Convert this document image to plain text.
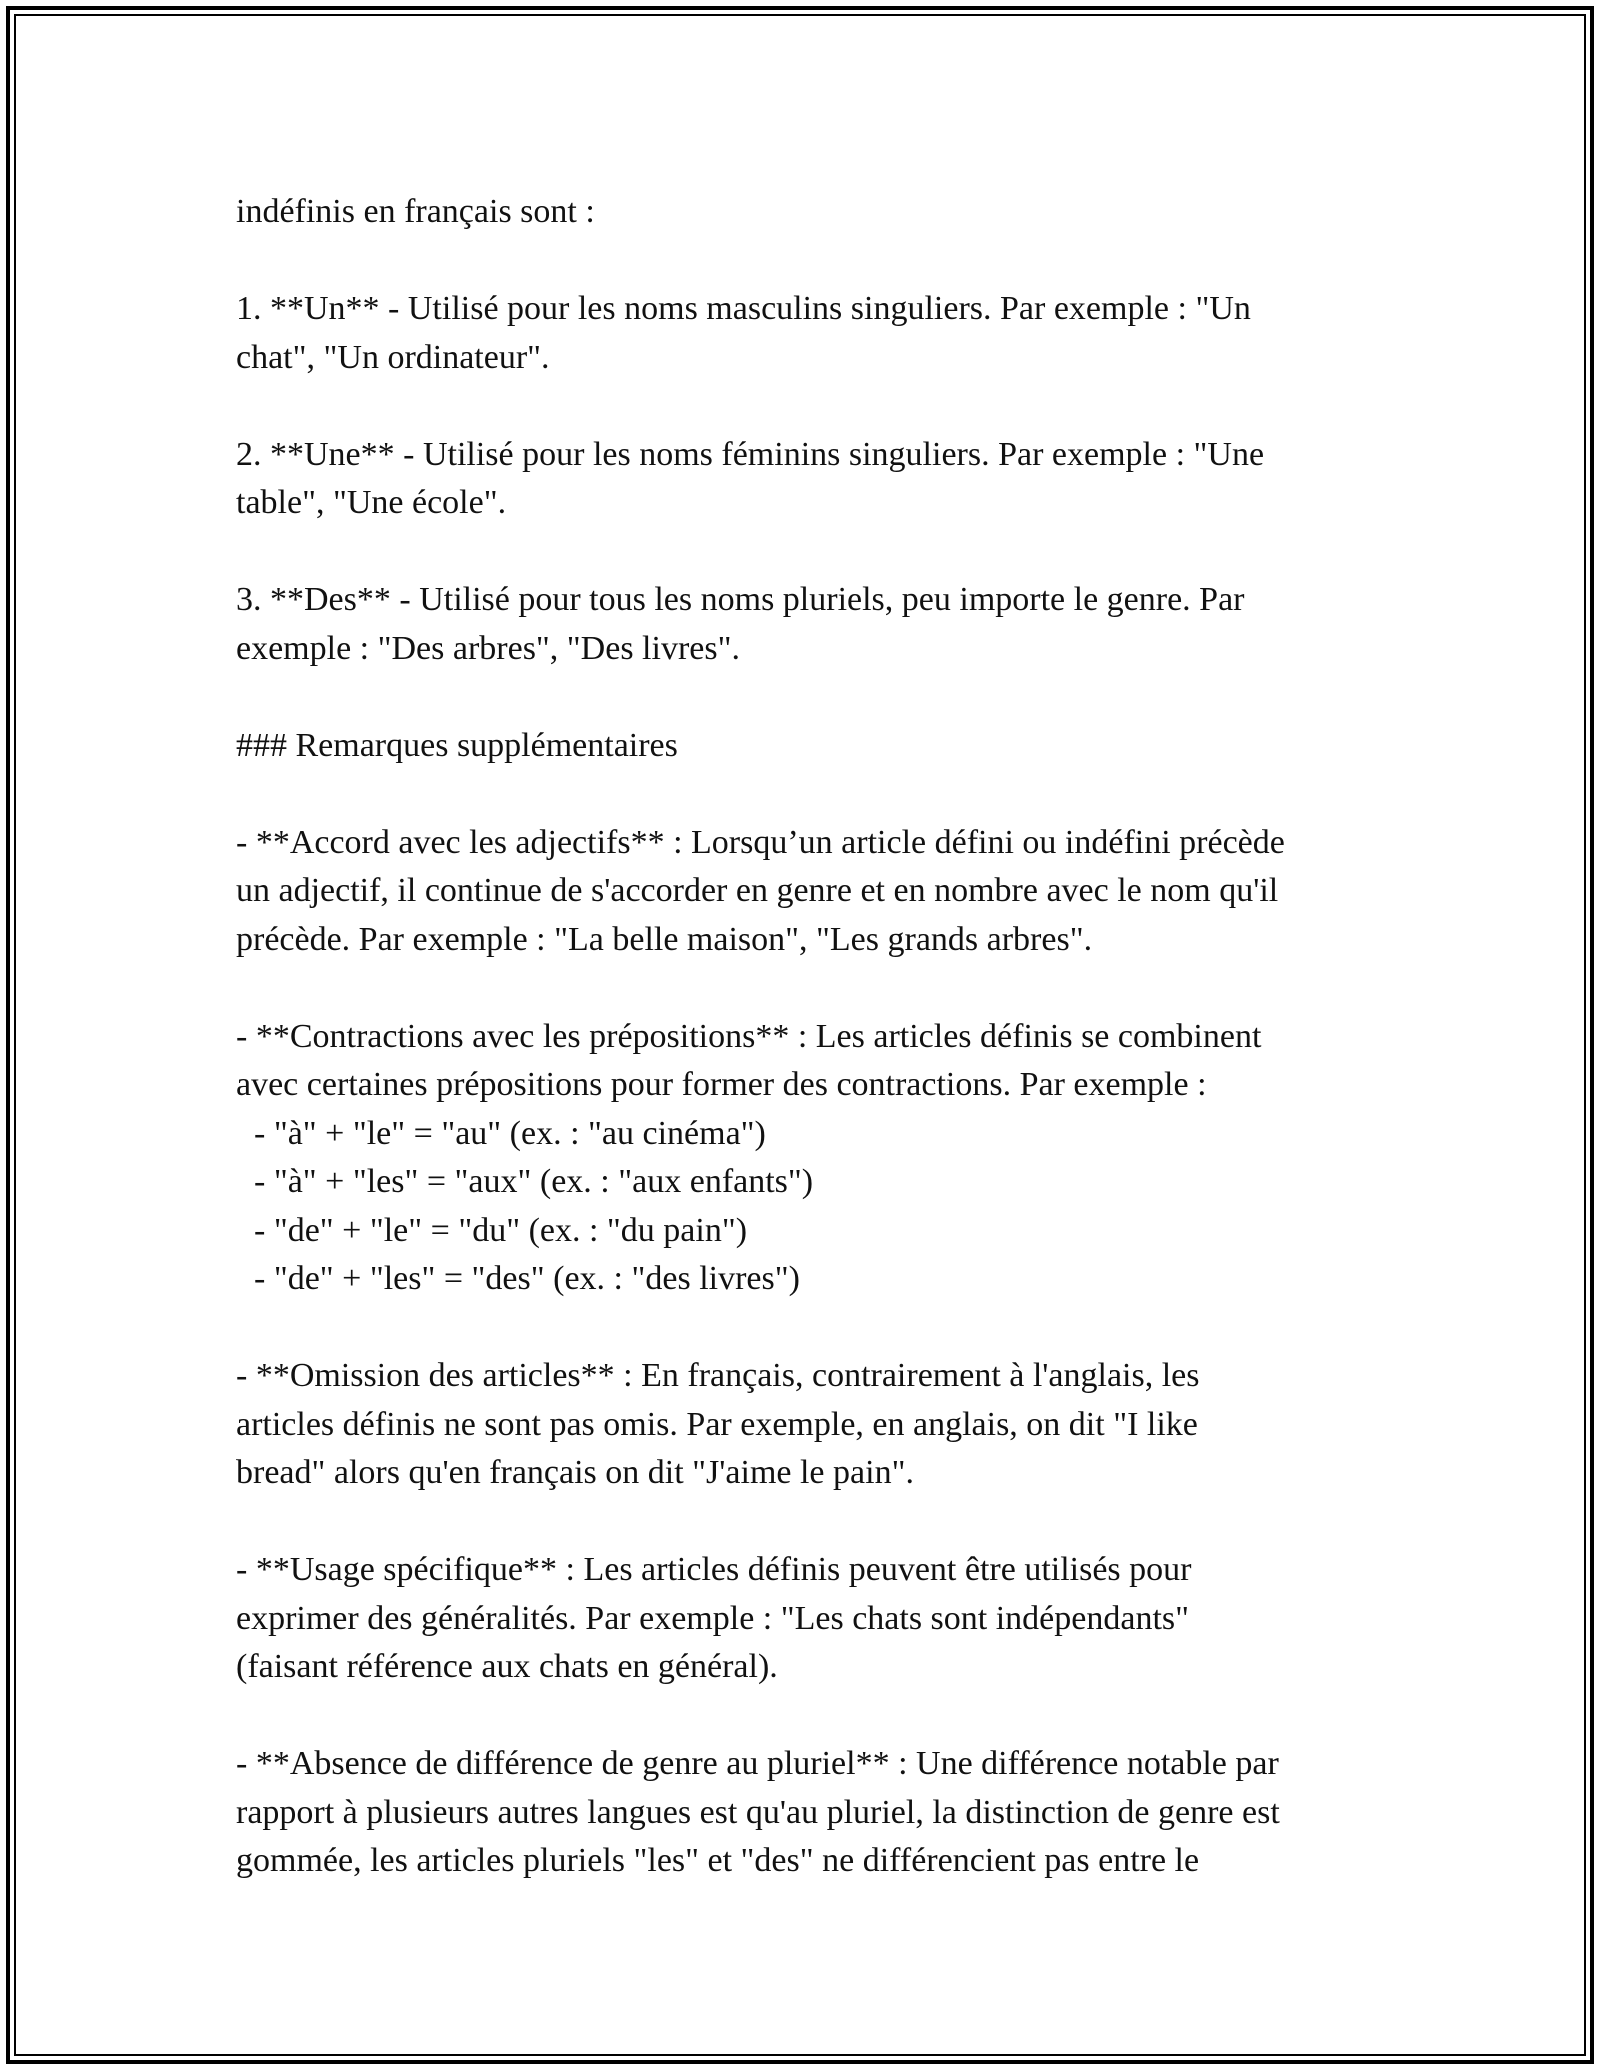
indéfinis en français sont :

1. **Un** - Utilisé pour les noms masculins singuliers. Par exemple : "Un
chat", "Un ordinateur".

2. **Une** - Utilisé pour les noms féminins singuliers. Par exemple : "Une
table", "Une école".

3. **Des** - Utilisé pour tous les noms pluriels, peu importe le genre. Par
exemple : "Des arbres", "Des livres".

### Remarques supplémentaires

- **Accord avec les adjectifs** : Lorsqu’un article défini ou indéfini précède
un adjectif, il continue de s'accorder en genre et en nombre avec le nom qu'il
précède. Par exemple : "La belle maison", "Les grands arbres".

- **Contractions avec les prépositions** : Les articles définis se combinent
avec certaines prépositions pour former des contractions. Par exemple :
- "à" + "le" = "au" (ex. : "au cinéma")
- "à" + "les" = "aux" (ex. : "aux enfants")
- "de" + "le" = "du" (ex. : "du pain")
- "de" + "les" = "des" (ex. : "des livres")

- **Omission des articles** : En français, contrairement à l'anglais, les
articles définis ne sont pas omis. Par exemple, en anglais, on dit "I like
bread" alors qu'en français on dit "J'aime le pain".

- **Usage spécifique** : Les articles définis peuvent être utilisés pour
exprimer des généralités. Par exemple : "Les chats sont indépendants"
(faisant référence aux chats en général).

- **Absence de différence de genre au pluriel** : Une différence notable par
rapport à plusieurs autres langues est qu'au pluriel, la distinction de genre est
gommée, les articles pluriels "les" et "des" ne différencient pas entre le
